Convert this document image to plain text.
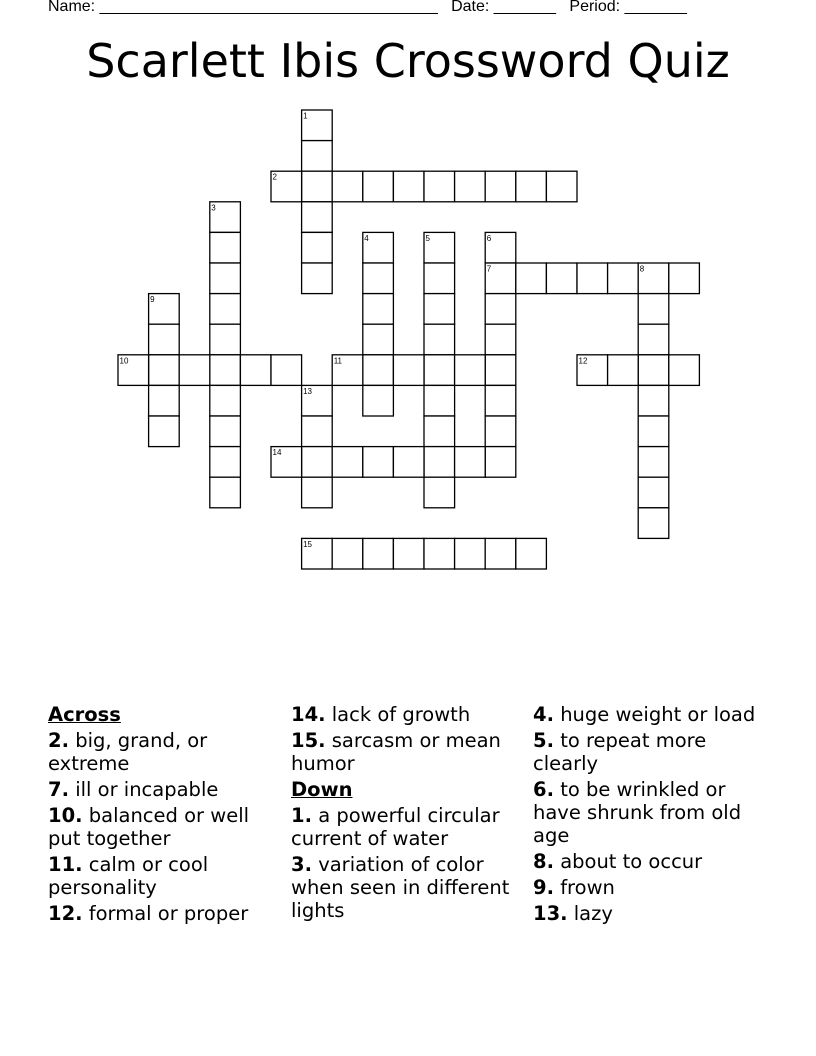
Name: ______________________________________ Date: _______ Period: _______
Scarlett Ibis Crossword Quiz
1
2
3
4	5	6
7	8
9
10	11	12
13
14
15
Across
2. big, grand, or extreme
7. ill or incapable
10. balanced or well put together
11. calm or cool personality
12. formal or proper
14. lack of growth
15. sarcasm or mean humor
Down
1. a powerful circular current of water
3. variation of color when seen in different lights
4. huge weight or load
5. to repeat more clearly
6. to be wrinkled or have shrunk from old age
8. about to occur
9. frown
13. lazy
